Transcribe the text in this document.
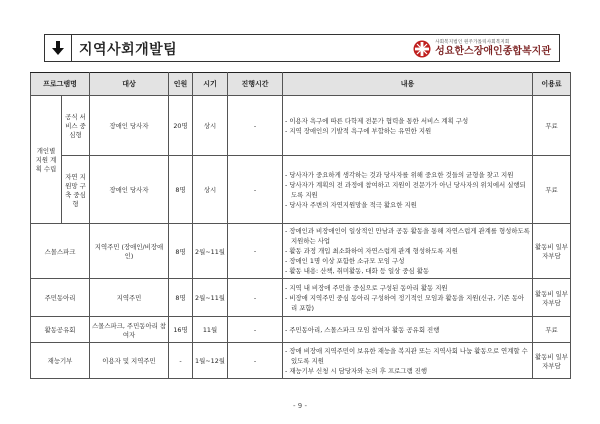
지역사회개발팀	사회복지법인 원주가톨릭사회복지회
성요한스장애인종합복지관
프로그램명		대상	인원	시기	진행시간	내용	이용료
개인별 지원 계획 수립	공식 서비스 중심형	장애인 당사자	20명	상시	-	- 이용자 욕구에 따른 다학제 전문가 협력을 통한 서비스 계획 구성
- 지역 장애인의 기발적 욕구에 부합하는 유연한 지원	무료
	자연 지원망 구축 중심형	장애인 당사자	8명	상시	-	- 당사자가 중요하게 생각하는 것과 당사자를 위해 중요한 것들의 균형을 찾고 지원
- 당사자가 계획의 전 과정에 참여하고 지원이 전문가가 아닌 당사자의 위치에서 실행되도록 지원
- 당사자 주변의 자연지원망을 적극 활요한 지원	무료
스몰스파크		지역주민 (장애인/비장애인)	8명	2월~11월	-	- 장애인과 비장애인이 일상적인 만남과 공동 활동을 통해 자연스럽게 관계를 형성하도록 지원하는 사업
- 활동 과정 개입 최소화하여 자연스럽게 관계 형성하도록 지원
- 장애인 1명 이상 포함한 소규모 모임 구성
- 활동 내용: 산책, 취미활동, 대화 등 일상 중심 활동	활동비 일부 자부담
주민동아리		지역주민	8명	2월~11월	-	- 지역 내 비장애 주민을 중심으로 구성된 동아리 활동 지원
- 비장애 지역주민 중심 동아리 구성하여 정기적인 모임과 활동을 지원(신규, 기존 동아리 포함)	활동비 일부 자부담
활동공유회		스몰스파크, 주민동아리 참여자	16명	11월	-	- 주민동아리, 스몰스파크 모임 참여자 활동 공유회 진행	무료
재능기부		이용자 및 지역주민	-	1월~12월	-	- 장애 비장애 지역주민이 보유한 재능을 복지관 또는 지역사회 나눔 활동으로 연계할 수 있도록 지원
- 재능기부 신청 시 담당자와 논의 후 프로그램 진행	활동비 일부 자부담
- 9 -
